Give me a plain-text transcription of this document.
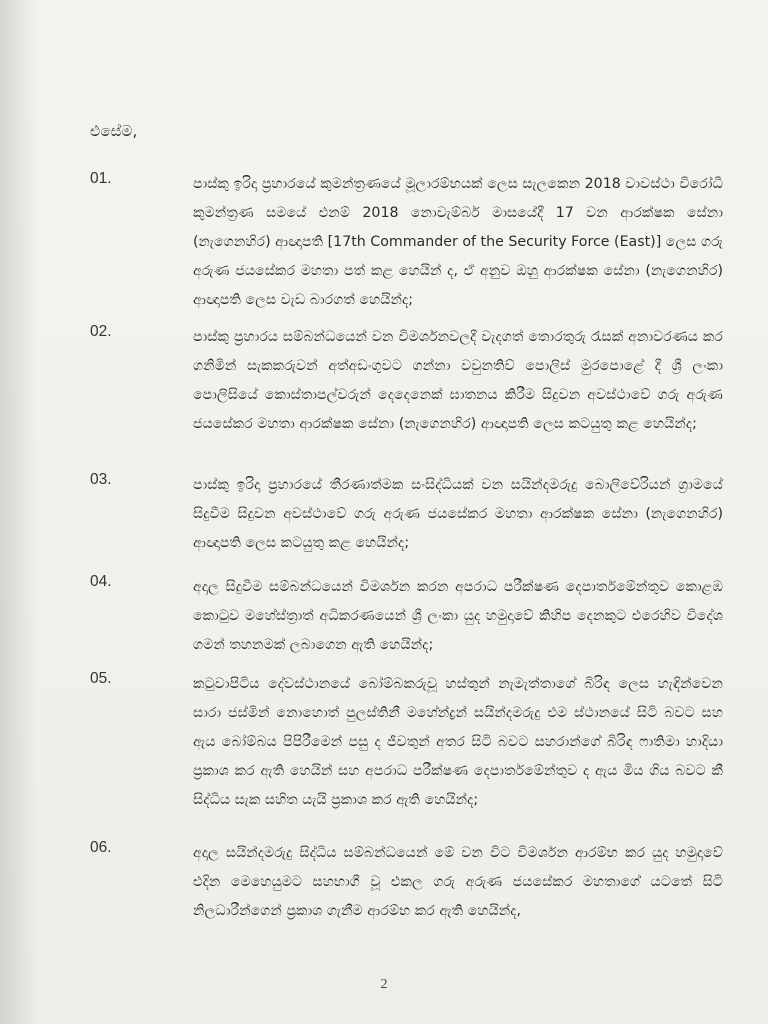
එසේම,
01.	පාස්කු ඉරිදා ප්‍රහාරයේ කුමන්ත්‍රණයේ මූලාරම්භයක් ලෙස සැලකෙන 2018 වාවස්ථා විරෝධී කුමන්ත්‍රණ සමයේ එනම් 2018 නොවැම්බර් මාසයේදී 17 වන ආරක්ෂක සේනා (නැගෙනහිර) ආඥාපති [17th Commander of the Security Force (East)] ලෙස ගරු අරුණ ජයසේකර මහතා පත් කළ හෙයින් ද, ඒ අනුව ඔහු ආරක්ෂක සේනා (නැගෙනහිර) ආඥාපති ලෙස වැඩ බාරගත් හෙයින්ද;
02.	පාස්කු ප්‍රහාරය සම්බන්ධයෙන් වන විමර්ශනවලදී වැදගත් තොරතුරු රැසක් අනාවරණය කර ගනිමින් සැකකරුවන් අත්අඩංගුවට ගන්නා වවුනතිව් පොලිස් මුරපොළේ දී ශ්‍රී ලංකා පොලිසියේ කොස්තාපල්වරුන් දෙදෙනෙක් ඝාතනය කිරීම සිදුවන අවස්ථාවේ ගරු අරුණ ජයසේකර මහතා ආරක්ෂක සේනා (නැගෙනහිර) ආඥාපති ලෙස කටයුතු කළ හෙයින්ද;
03.	පාස්කු ඉරිදා ප්‍රහාරයේ තීරණාත්මක සංසිද්ධියක් වන සයින්දමරුදු බොලිවේරියන් ග්‍රාමයේ සිදුවීම සිදුවන අවස්ථාවේ ගරු අරුණ ජයසේකර මහතා ආරක්ෂක සේනා (නැගෙනහිර) ආඥාපති ලෙස කටයුතු කළ හෙයින්ද;
04.	අදාල සිදුවීම සම්බන්ධයෙන් විමර්ශන කරන අපරාධ පරීක්ෂණ දෙපාර්තමේන්තුව කොළඹ කොටුව මහේස්ත්‍රාත් අධිකරණයෙන් ශ්‍රී ලංකා යුද හමුදාවේ කිහිප දෙනකුට එරෙහිව විදේශ ගමන් තහනමක් ලබාගෙන ඇති හෙයින්ද;
05.	කටුවාපිටිය දේවස්ථානයේ බෝම්බකරුවූ හස්තුන් නැමැත්තාගේ බිරිඳ ලෙස හැඳින්වෙන සාරා ජස්මින් නොහොත් පුලස්තිනී මහේන්ද්‍රන් සයින්දමරුදු එම ස්ථානයේ සිටි බවට සහ ඇය බෝම්බය පිපිරීමෙන් පසු ද ජීවතුන් අතර සිටි බවට සහරාන්ගේ බිරිඳ ෆාතිමා හාදියා ප්‍රකාශ කර ඇති හෙයින් සහ අපරාධ පරීක්ෂණ දෙපාර්තමේන්තුව ද ඇය මිය ගිය බවට කී සිද්ධිය සැක සහිත යැයි ප්‍රකාශ කර ඇති හෙයින්ද;
06.	අදාල සයින්දමරුදු සිද්ධිය සම්බන්ධයෙන් මේ වන විට විමර්ශන ආරම්භ කර යුද හමුදාවේ එදින මෙහෙයුමට සහභාගී වූ එකල ගරු අරුණ ජයසේකර මහතාගේ යටතේ සිටි නිලධාරීන්ගෙන් ප්‍රකාශ ගැනීම ආරම්භ කර ඇති හෙයින්ද,
2
